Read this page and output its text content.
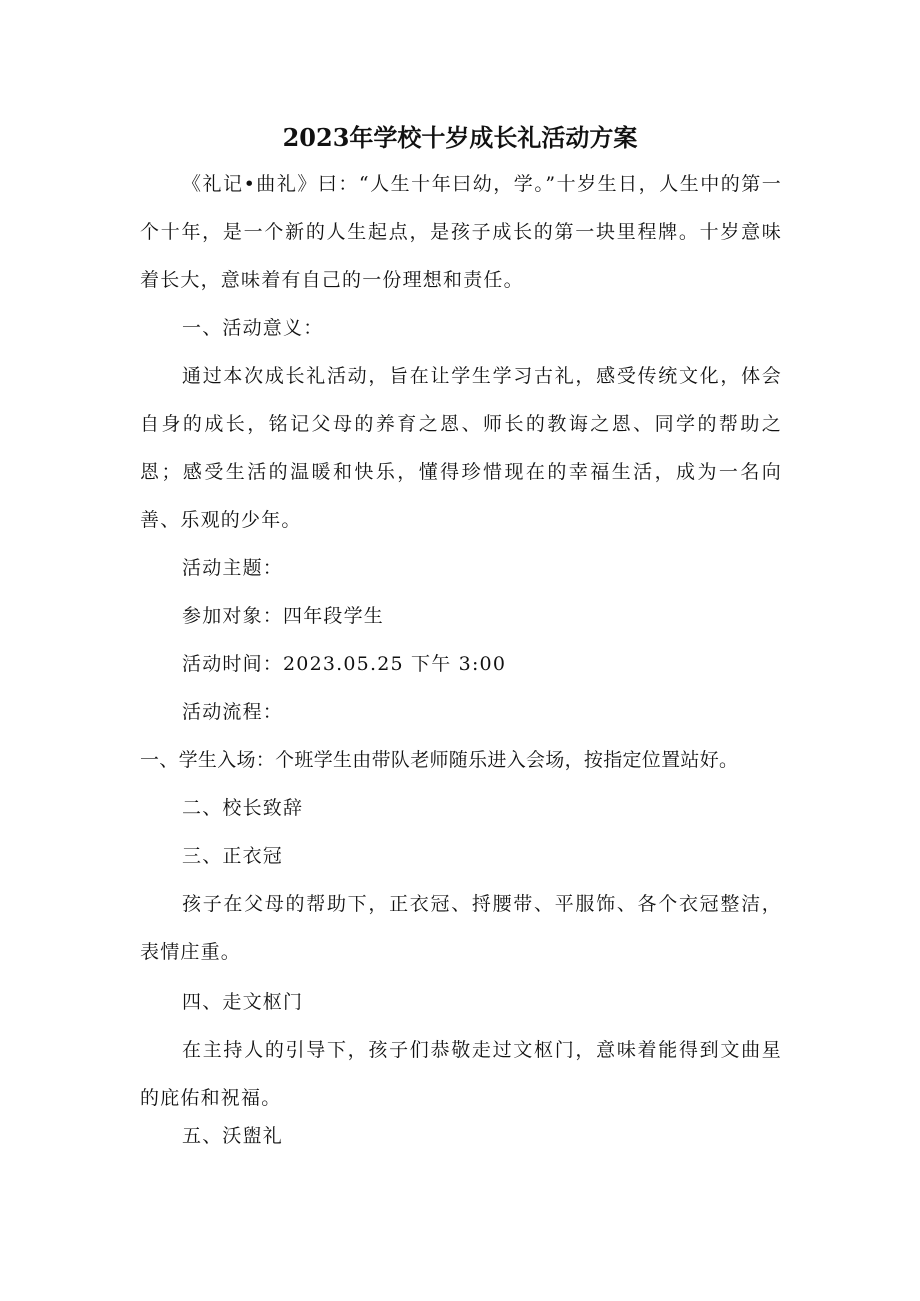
2023年学校十岁成长礼活动方案
《礼记•曲礼》曰：“人生十年曰幼，学。”十岁生日，人生中的第一个十年，是一个新的人生起点，是孩子成长的第一块里程牌。十岁意味着长大，意味着有自己的一份理想和责任。
一、活动意义：
通过本次成长礼活动，旨在让学生学习古礼，感受传统文化，体会自身的成长，铭记父母的养育之恩、师长的教诲之恩、同学的帮助之恩；感受生活的温暖和快乐，懂得珍惜现在的幸福生活，成为一名向善、乐观的少年。
活动主题：
参加对象：四年段学生
活动时间：2023.05.25 下午 3:00
活动流程：
一、学生入场：个班学生由带队老师随乐进入会场，按指定位置站好。
二、校长致辞
三、正衣冠
孩子在父母的帮助下，正衣冠、捋腰带、平服饰、各个衣冠整洁，表情庄重。
四、走文枢门
在主持人的引导下，孩子们恭敬走过文枢门，意味着能得到文曲星的庇佑和祝福。
五、沃盥礼
